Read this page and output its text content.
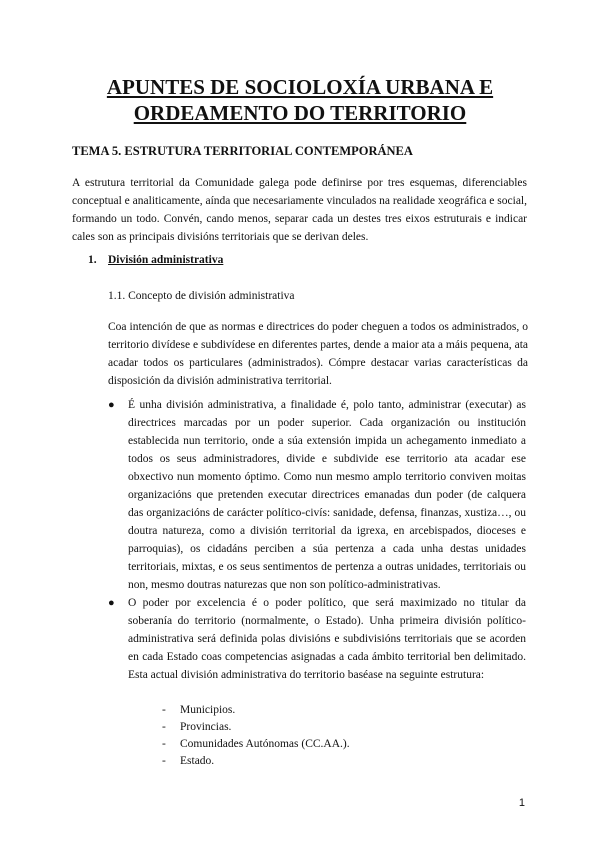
APUNTES DE SOCIOLOXÍA URBANA E
ORDEAMENTO DO TERRITORIO
TEMA 5. ESTRUTURA TERRITORIAL CONTEMPORÁNEA
A estrutura territorial da Comunidade galega pode definirse por tres esquemas, diferenciables conceptual e analiticamente, aínda que necesariamente vinculados na realidade xeográfica e social, formando un todo. Convén, cando menos, separar cada un destes tres eixos estruturais e indicar cales son as principais divisións territoriais que se derivan deles.
1. División administrativa
1.1. Concepto de división administrativa
Coa intención de que as normas e directrices do poder cheguen a todos os administrados, o territorio divídese e subdivídese en diferentes partes, dende a maior ata a máis pequena, ata acadar todos os particulares (administrados). Cómpre destacar varias características da disposición da división administrativa territorial.
● É unha división administrativa, a finalidade é, polo tanto, administrar (executar) as directrices marcadas por un poder superior. Cada organización ou institución establecida nun territorio, onde a súa extensión impida un achegamento inmediato a todos os seus administradores, divide e subdivide ese territorio ata acadar ese obxectivo nun momento óptimo. Como nun mesmo amplo territorio conviven moitas organizacións que pretenden executar directrices emanadas dun poder (de calquera das organizacións de carácter político-civís: sanidade, defensa, finanzas, xustiza…, ou doutra natureza, como a división territorial da igrexa, en arcebispados, dioceses e parroquias), os cidadáns perciben a súa pertenza a cada unha destas unidades territoriais, mixtas, e os seus sentimentos de pertenza a outras unidades, territoriais ou non, mesmo doutras naturezas que non son político-administrativas.
● O poder por excelencia é o poder político, que será maximizado no titular da soberanía do territorio (normalmente, o Estado). Unha primeira división político-administrativa será definida polas divisións e subdivisións territoriais que se acorden en cada Estado coas competencias asignadas a cada ámbito territorial ben delimitado. Esta actual división administrativa do territorio baséase na seguinte estrutura:
- Municipios.
- Provincias.
- Comunidades Autónomas (CC.AA.).
- Estado.
1
